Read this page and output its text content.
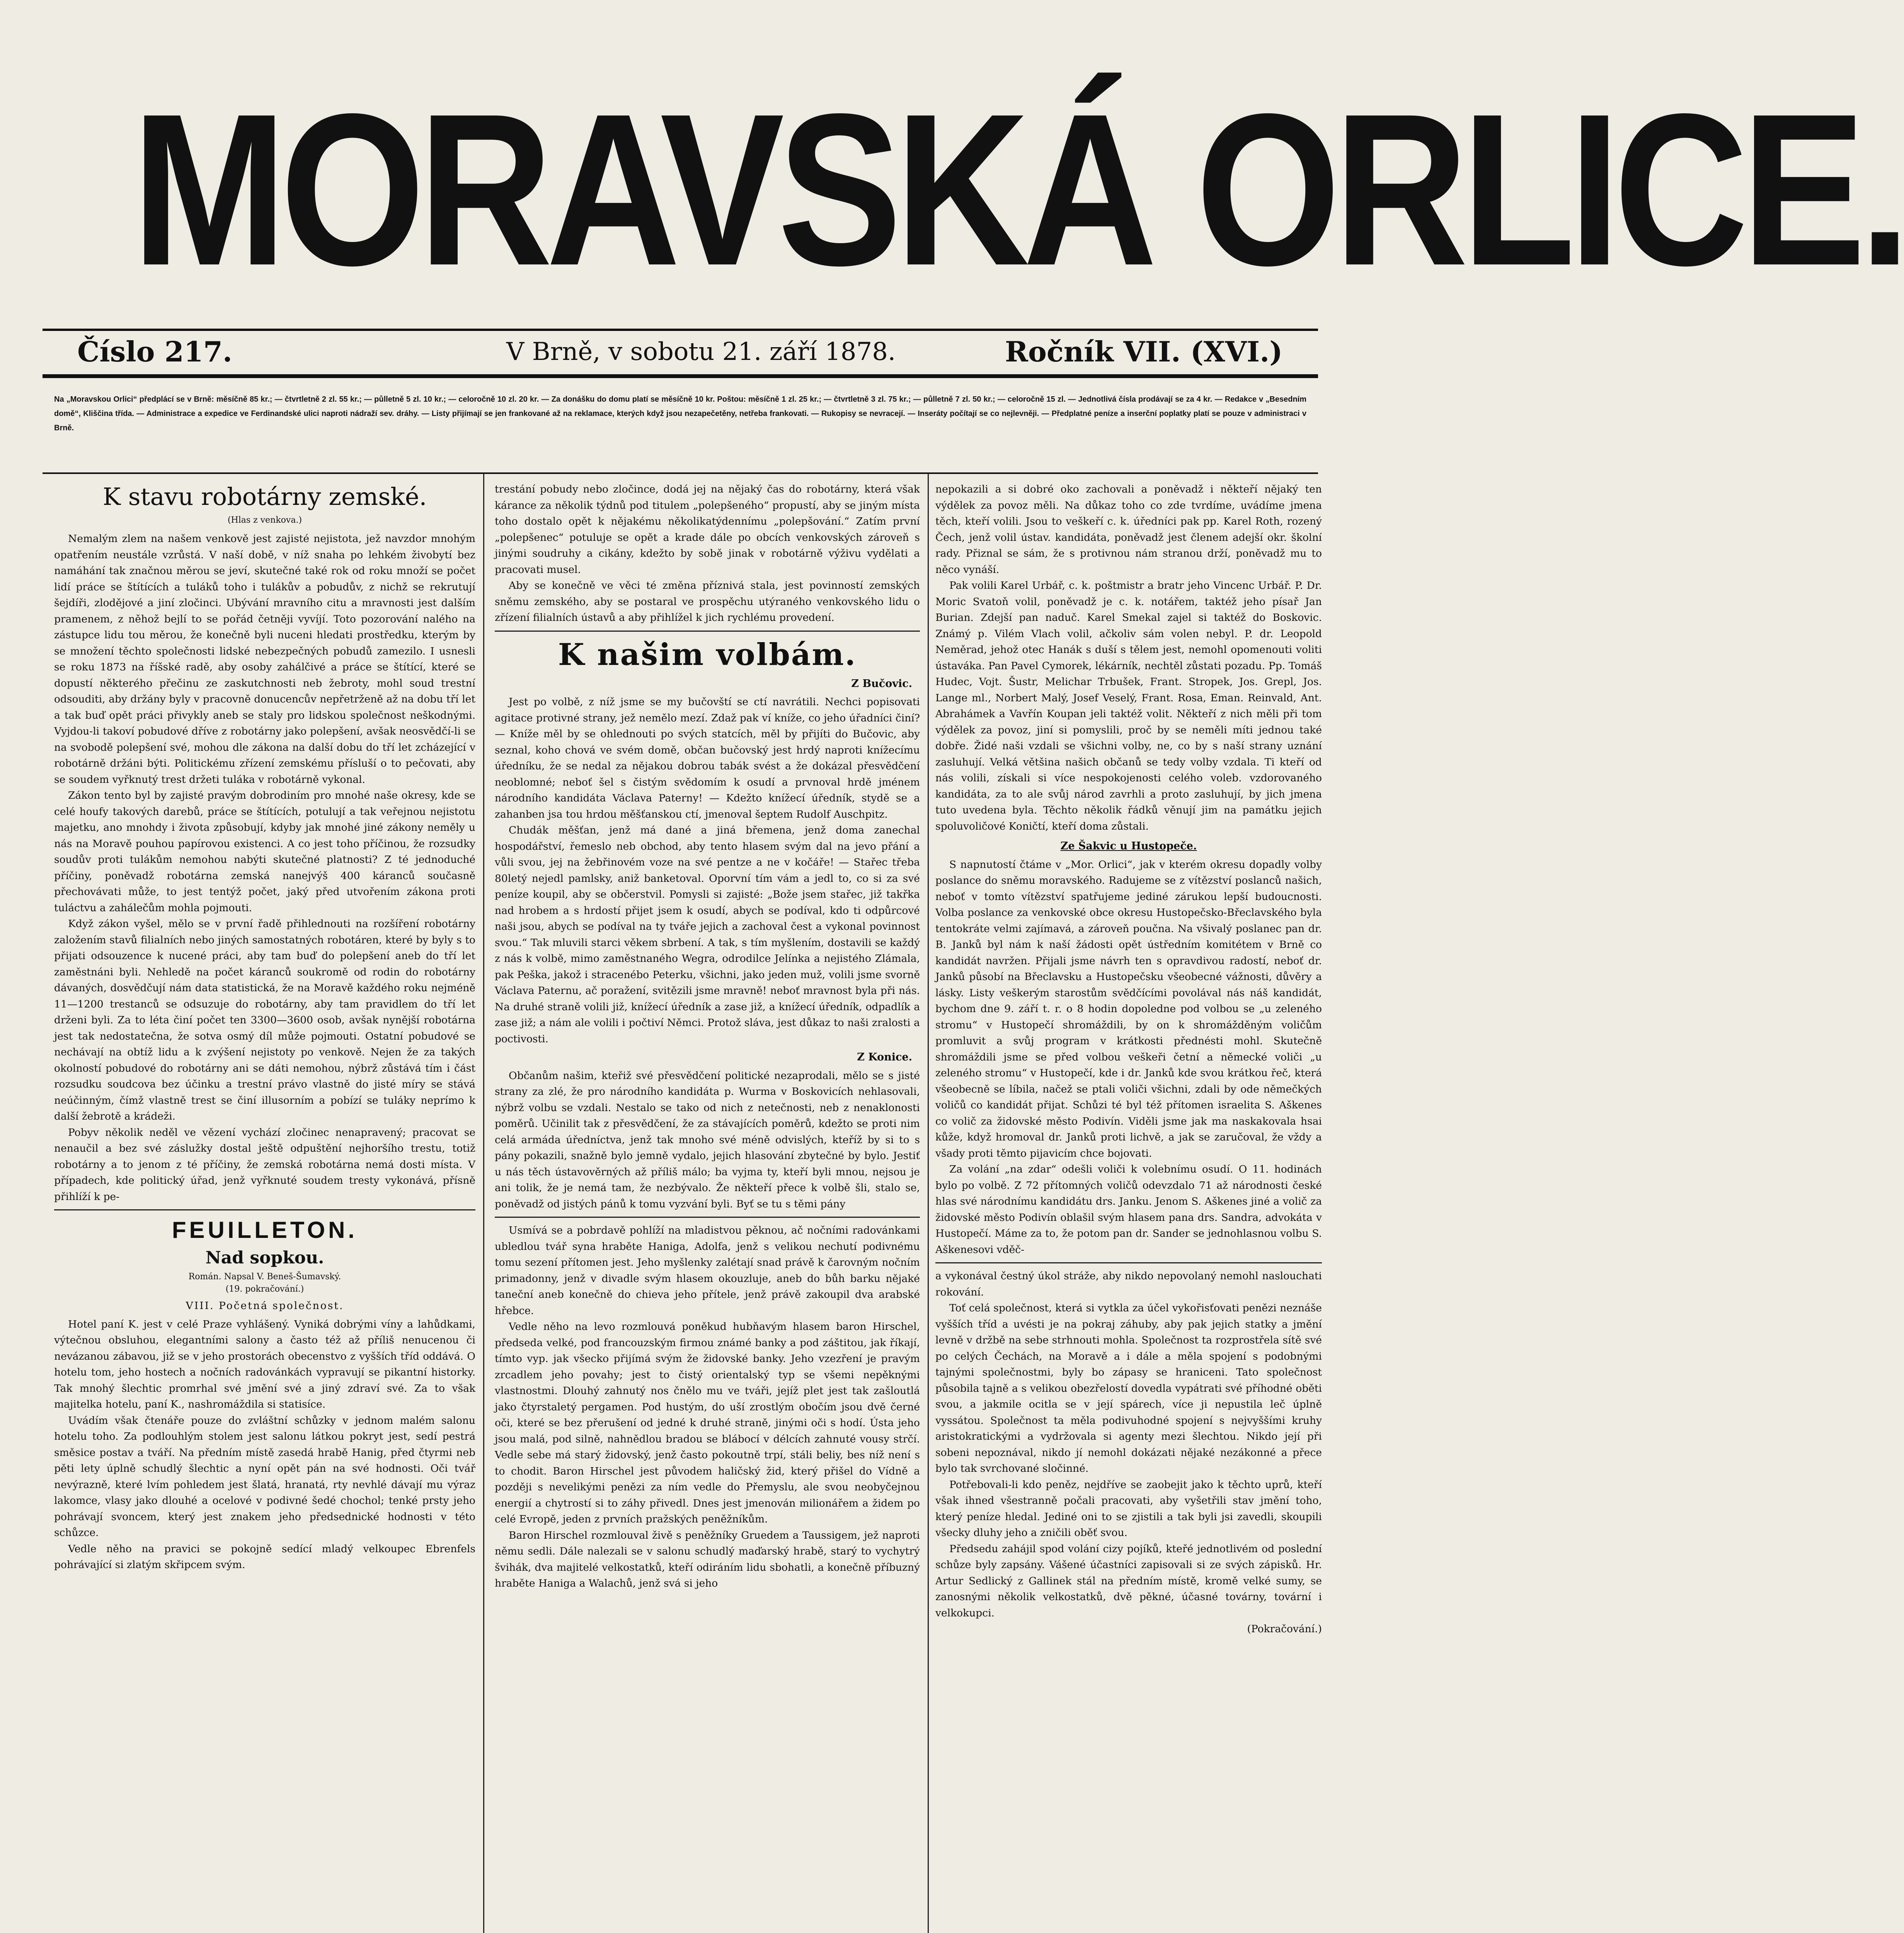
MORAVSKÁ ORLICE.
Číslo 217.	V Brně, v sobotu 21. září 1878.	Ročník VII. (XVI.)
Na „Moravskou Orlici“ předplácí se v Brně: měsíčně 85 kr.; — čtvrtletně 2 zl. 55 kr.; — půlletně 5 zl. 10 kr.; — celoročně 10 zl. 20 kr. — Za donášku do domu platí se měsíčně 10 kr. Poštou: měsíčně 1 zl. 25 kr.; — čtvrtletně 3 zl. 75 kr.; — půlletně 7 zl. 50 kr.; — celoročně 15 zl. — Jednotlivá čísla prodávají se za 4 kr. — Redakce v „Besedním domě“, Kliščina třída. — Administrace a expedice ve Ferdinandské ulici naproti nádraží sev. dráhy. — Listy přijímají se jen frankované až na reklamace, kterých když jsou nezapečetěny, netřeba frankovati. — Rukopisy se nevracejí. — Inseráty počítají se co nejlevněji. — Předplatné peníze a inserční poplatky platí se pouze v administraci v Brně.
K stavu robotárny zemské.
(Hlas z venkova.)

Nemalým zlem na našem venkově jest zajisté nejistota, jež navzdor mnohým opatřením neustále vzrůstá. V naší době, v níž snaha po lehkém živobytí bez namáhání tak značnou měrou se jeví, skutečné také rok od roku množí se počet lidí práce se štítících a tuláků toho i tulákův a pobudův, z nichž se rekrutují šejdíři, zlodějové a jiní zločinci. Ubývání mravního citu a mravnosti jest dalším pramenem, z něhož bejlí to se pořád četněji vyvíjí. Toto pozorování nalého na zástupce lidu tou měrou, že konečně byli nuceni hledati prostředku, kterým by se množení těchto společnosti lidské nebezpečných pobudů zamezilo. I usnesli se roku 1873 na říšské radě, aby osoby zahálčivé a práce se štítící, které se dopustí některého přečinu ze zaskutchnosti neb žebroty, mohl soud trestní odsouditi, aby držány byly v pracovně donucencův nepřetrženě až na dobu tří let a tak buď opět práci přivykly aneb se staly pro lidskou společnost neškodnými. Vyjdou-li takoví pobudové dříve z robotárny jako polepšení, avšak neosvědčí-li se na svobodě polepšení své, mohou dle zákona na další dobu do tří let zcházející v robotárně držáni býti. Politickému zřízení zemskému přísluší o to pečovati, aby se soudem vyřknutý trest držeti tuláka v robotárně vykonal.

Zákon tento byl by zajisté pravým dobrodiním pro mnohé naše okresy, kde se celé houfy takových darebů, práce se štítících, potulují a tak veřejnou nejistotu majetku, ano mnohdy i života způsobují, kdyby jak mnohé jiné zákony neměly u nás na Moravě pouhou papírovou existenci. A co jest toho příčinou, že rozsudky soudův proti tulákům nemohou nabýti skutečné platnosti? Z té jednoduché příčiny, poněvadž robotárna zemská nanejvýš 400 káranců současně přechovávati může, to jest tentýž počet, jaký před utvořením zákona proti tuláctvu a zahálečům mohla pojmouti.

Když zákon vyšel, mělo se v první řadě přihlednouti na rozšíření robotárny založením stavů filialních nebo jiných samostatných robotáren, které by byly s to přijati odsouzence k nucené práci, aby tam buď do polepšení aneb do tří let zaměstnáni byli. Nehledě na počet káranců soukromě od rodin do robotárny dávaných, dosvědčují nám data statistická, že na Moravě každého roku nejméně 11—1200 trestanců se odsuzuje do robotárny, aby tam pravidlem do tří let drženi byli. Za to léta činí počet ten 3300—3600 osob, avšak nynější robotárna jest tak nedostatečna, že sotva osmý díl může pojmouti. Ostatní pobudové se nechávají na obtíž lidu a k zvýšení nejistoty po venkově. Nejen že za takých okolností pobudové do robotárny ani se dáti nemohou, nýbrž zůstává tím i část rozsudku soudcova bez účinku a trestní právo vlastně do jisté míry se stává neúčinným, čímž vlastně trest se činí illusorním a pobízí se tuláky neprímo k další žebrotě a krádeži.

Pobyv několik neděl ve vězení vychází zločinec nenapravený; pracovat se nenaučil a bez své záslužky dostal ještě odpuštění nejhoršího trestu, totiž robotárny a to jenom z té příčiny, že zemská robotárna nemá dosti místa. V případech, kde politický úřad, jenž vyřknuté soudem tresty vykonává, přísně přihlíží k pe-

FEUILLETON.
Nad sopkou.
Román. Napsal V. Beneš-Šumavský.
(19. pokračování.)
VIII. Početná společnost.

Hotel paní K. jest v celé Praze vyhlášený. Vyniká dobrými víny a lahůdkami, výtečnou obsluhou, elegantními salony a často též až příliš nenucenou či nevázanou zábavou, již se v jeho prostorách obecenstvo z vyšších tříd oddává. O hotelu tom, jeho hostech a nočních radovánkách vypravují se pikantní historky. Tak mnohý šlechtic promrhal své jmění své a jiný zdraví své. Za to však majitelka hotelu, paní K., nashromáždila si statisíce.

Uvádím však čtenáře pouze do zvláštní schůzky v jednom malém salonu hotelu toho. Za podlouhlým stolem jest salonu látkou pokryt jest, sedí pestrá směsice postav a tváří. Na předním místě zasedá hrabě Hanig, před čtyrmi neb pěti lety úplně schudlý šlechtic a nyní opět pán na své hodnosti. Oči tvář nevýrazně, které lvím pohledem jest šlatá, hranatá, rty nevhlé dávají mu výraz lakomce, vlasy jako dlouhé a ocelové v podivné šedé chochol; tenké prsty jeho pohrávají svoncem, který jest znakem jeho předsednické hodnosti v této schůzce.

Vedle něho na pravici se pokojně sedící mladý velkoupec Ebrenfels pohrávající si zlatým skřipcem svým.

trestání pobudy nebo zločince, dodá jej na nějaký čas do robotárny, která však kárance za několik týdnů pod titulem „polepšeného“ propustí, aby se jiným místa toho dostalo opět k nějakému několikatýdennímu „polepšování.“ Zatím první „polepšenec“ potuluje se opět a krade dále po obcích venkovských zároveň s jinými soudruhy a cikány, kdežto by sobě jinak v robotárně výživu vydělati a pracovati musel.

Aby se konečně ve věci té změna příznivá stala, jest povinností zemských sněmu zemského, aby se postaral ve prospěchu utýraného venkovského lidu o zřízení filialních ústavů a aby přihlížel k jich rychlému provedení.

K našim volbám.
Z Bučovic.

Jest po volbě, z níž jsme se my bučovští se ctí navrátili. Nechci popisovati agitace protivné strany, jež nemělo mezí. Zdaž pak ví kníže, co jeho úřadníci činí? — Kníže měl by se ohlednouti po svých statcích, měl by přijíti do Bučovic, aby seznal, koho chová ve svém domě, občan bučovský jest hrdý naproti knížecímu úředníku, že se nedal za nějakou dobrou tabák svést a že dokázal přesvědčení neoblomné; neboť šel s čistým svědomím k osudí a prvnoval hrdě jménem národního kandidáta Václava Paterny! — Kdežto knížecí úředník, stydě se a zahanben jsa tou hrdou měšťanskou ctí, jmenoval šeptem Rudolf Auschpitz.

Chudák měšťan, jenž má dané a jiná břemena, jenž doma zanechal hospodářství, řemeslo neb obchod, aby tento hlasem svým dal na jevo přání a vůli svou, jej na žebřinovém voze na své pentze a ne v kočáře! — Stařec třeba 80letý nejedl pamlsky, aniž banketoval. Oporvní tím vám a jedl to, co si za své peníze koupil, aby se občerstvil. Pomysli si zajisté: „Bože jsem stařec, již takřka nad hrobem a s hrdostí přijet jsem k osudí, abych se podíval, kdo ti odpůrcové naši jsou, abych se podíval na ty tváře jejich a zachoval čest a vykonal povinnost svou.“ Tak mluvili starci věkem sbrbení. A tak, s tím myšlením, dostavili se každý z nás k volbě, mimo zaměstnaného Wegra, odrodilce Jelínka a nejistého Zlámala, pak Peška, jakož i stracenébo Peterku, všichni, jako jeden muž, volili jsme svorně Václava Paternu, ač poražení, svitězili jsme mravně! neboť mravnost byla při nás. Na druhé straně volili již, knížecí úředník a zase již, a knížecí úředník, odpadlík a zase již; a nám ale volili i počtiví Němci. Protož sláva, jest důkaz to naši zralosti a poctivosti.

Z Konice.

Občanům našim, kteřiž své přesvědčení politické nezaprodali, mělo se s jisté strany za zlé, že pro národního kandidáta p. Wurma v Boskovicích nehlasovali, nýbrž volbu se vzdali. Nestalo se tako od nich z netečnosti, neb z nenaklonosti poměrů. Učinilit tak z přesvědčení, že za stávajících poměrů, kdežto se proti nim celá armáda úředníctva, jenž tak mnoho své méně odvislých, kteříž by si to s pány pokazili, snažně bylo jemně vydalo, jejich hlasování zbytečné by bylo. Jestiť u nás těch ústavověrných až příliš málo; ba vyjma ty, kteří byli mnou, nejsou je ani tolik, že je nemá tam, že nezbývalo. Že někteří přece k volbě šli, stalo se, poněvadž od jistých pánů k tomu vyzvání byli. Byť se tu s těmi pány

Usmívá se a pobrdavě pohlíží na mladistvou pěknou, ač nočními radovánkami ubledlou tvář syna hraběte Haniga, Adolfa, jenž s velikou nechutí podivnému tomu sezení přítomen jest. Jeho myšlenky zalétají snad právě k čarovným nočním primadonny, jenž v divadle svým hlasem okouzluje, aneb do bůh barku nějaké taneční aneb konečně do chieva jeho přítele, jenž právě zakoupil dva arabské hřebce.

Vedle něho na levo rozmlouvá poněkud hubňavým hlasem baron Hirschel, předseda velké, pod francouzským firmou známé banky a pod záštitou, jak říkají, tímto vyp. jak všecko přijímá svým že židovské banky. Jeho vzezření je pravým zrcadlem jeho povahy; jest to čistý orientalský typ se všemi nepěknými vlastnostmi. Dlouhý zahnutý nos čnělo mu ve tváři, jejíž plet jest tak zašloutlá jako čtyrstaletý pergamen. Pod hustým, do uší zrostlým obočím jsou dvě černé oči, které se bez přerušení od jedné k druhé straně, jinými oči s hodí. Ústa jeho jsou malá, pod silně, nahnědlou bradou se blábocí v délcích zahnuté vousy strčí. Vedle sebe má starý židovský, jenž často pokoutně trpí, stáli beliy, bes níž není s to chodit. Baron Hirschel jest původem haličský žid, který přišel do Vídně a později s nevelikými penězi za ním vedle do Přemyslu, ale svou neobyčejnou energií a chytrostí si to záhy přivedl. Dnes jest jmenován milionářem a židem po celé Evropě, jeden z prvních pražských peněžníkům.

Baron Hirschel rozmlouval živě s peněžníky Gruedem a Taussigem, jež naproti němu sedli. Dále nalezali se v salonu schudlý maďarský hrabě, starý to vychytrý švihák, dva majitelé velkostatků, kteří odiráním lidu sbohatli, a konečně příbuzný hraběte Haniga a Walachů, jenž svá si jeho

nepokazili a si dobré oko zachovali a poněvadž i někteří nějaký ten výdělek za povoz měli. Na důkaz toho co zde tvrdíme, uvádíme jmena těch, kteří volili. Jsou to veškeří c. k. úředníci pak pp. Karel Roth, rozený Čech, jenž volil ústav. kandidáta, poněvadž jest členem adejší okr. školní rady. Přiznal se sám, že s protivnou nám stranou drží, poněvadž mu to něco vynáší.

Pak volili Karel Urbář, c. k. poštmistr a bratr jeho Vincenc Urbář. P. Dr. Moric Svatoň volil, poněvadž je c. k. notářem, taktéž jeho písař Jan Burian. Zdejší pan naduč. Karel Smekal zajel si taktéž do Boskovic. Známý p. Vilém Vlach volil, ačkoliv sám volen nebyl. P. dr. Leopold Neměrad, jehož otec Hanák s duší s tělem jest, nemohl opomenouti voliti ústaváka. Pan Pavel Cymorek, lékárník, nechtěl zůstati pozadu. Pp. Tomáš Hudec, Vojt. Šustr, Melichar Trbušek, Frant. Stropek, Jos. Grepl, Jos. Lange ml., Norbert Malý, Josef Veselý, Frant. Rosa, Eman. Reinvald, Ant. Abrahámek a Vavřín Koupan jeli taktéž volit. Někteří z nich měli při tom výdělek za povoz, jiní si pomyslili, proč by se neměli míti jednou také dobře. Židé naši vzdali se všichni volby, ne, co by s naší strany uznání zasluhují. Velká většina našich občanů se tedy volby vzdala. Ti kteří od nás volili, získali si více nespokojenosti celého voleb. vzdorovaného kandidáta, za to ale svůj národ zavrhli a proto zasluhují, by jich jmena tuto uvedena byla. Těchto několik řádků věnují jim na památku jejich spoluvoličové Koničtí, kteří doma zůstali.

Ze Šakvic u Hustopeče.

S napnutostí čtáme v „Mor. Orlici“, jak v kterém okresu dopadly volby poslance do sněmu moravského. Radujeme se z vítězství poslanců našich, neboť v tomto vítězství spatřujeme jediné zárukou lepší budoucnosti. Volba poslance za venkovské obce okresu Hustopečsko-Břeclavského byla tentokráte velmi zajímavá, a zároveň poučna. Na všivalý poslanec pan dr. B. Janků byl nám k naší žádosti opět ústředním komitétem v Brně co kandidát navržen. Přijali jsme návrh ten s opravdivou radostí, neboť dr. Janků působí na Břeclavsku a Hustopečsku všeobecné vážnosti, důvěry a lásky. Listy veškerým starostům svědčícími povolával nás náš kandidát, bychom dne 9. září t. r. o 8 hodin dopoledne pod volbou se „u zeleného stromu“ v Hustopečí shromáždili, by on k shromážděným voličům promluvit a svůj program v krátkosti přednésti mohl. Skutečně shromáždili jsme se před volbou veškeři četní a německé voliči „u zeleného stromu“ v Hustopečí, kde i dr. Janků kde svou krátkou řeč, která všeobecně se líbila, načež se ptali voliči všichni, zdali by ode němečkých voličů co kandidát přijat. Schůzi té byl též přítomen israelita S. Aškenes co volič za židovské město Podivín. Viděli jsme jak ma naskakovala hsai kůže, když hromoval dr. Janků proti lichvě, a jak se zaručoval, že vždy a všady proti těmto pijavicím chce bojovati.

Za volání „na zdar“ odešli voliči k volebnímu osudí. O 11. hodinách bylo po volbě. Z 72 přítomných voličů odevzdalo 71 až národnosti české hlas své národnímu kandidátu drs. Janku. Jenom S. Aškenes jiné a volič za židovské město Podivín oblašil svým hlasem pana drs. Sandra, advokáta v Hustopečí. Máme za to, že potom pan dr. Sander se jednohlasnou volbu S. Aškenesovi vděč-

a vykonával čestný úkol stráže, aby nikdo nepovolaný nemohl naslouchati rokování.

Toť celá společnost, která si vytkla za účel vykořisťovati penězi neznáše vyšších tříd a uvésti je na pokraj záhuby, aby pak jejich statky a jmění levně v držbě na sebe strhnouti mohla. Společnost ta rozprostřela sítě své po celých Čechách, na Moravě a i dále a měla spojení s podobnými tajnými společnostmi, byly bo zápasy se hraniceni. Tato společnost působila tajně a s velikou obezřelostí dovedla vypátrati své příhodné oběti svou, a jakmile ocitla se v její spárech, více ji nepustila leč úplně vyssátou. Společnost ta měla podivuhodné spojení s nejvyššími kruhy aristokratickými a vydržovala si agenty mezi šlechtou. Nikdo její při sobeni nepoznával, nikdo jí nemohl dokázati nějaké nezákonné a přece bylo tak svrchované sločinné.

Potřebovali-li kdo peněz, nejdříve se zaobejit jako k těchto uprů, kteří však ihned všestranně počali pracovati, aby vyšetřili stav jmění toho, který peníze hledal. Jediné oni to se zjistili a tak byli jsi zavedli, skoupili všecky dluhy jeho a zničili oběť svou.

Předsedu zahájil spod volání cizy pojíků, kteřé jednotlivém od poslední schůze byly zapsány. Vášené účastníci zapisovali si ze svých zápisků. Hr. Artur Sedlický z Gallinek stál na předním místě, kromě velké sumy, se zanosnými několik velkostatků, dvě pěkné, účasné továrny, tovární i velkokupci.

(Pokračování.)
